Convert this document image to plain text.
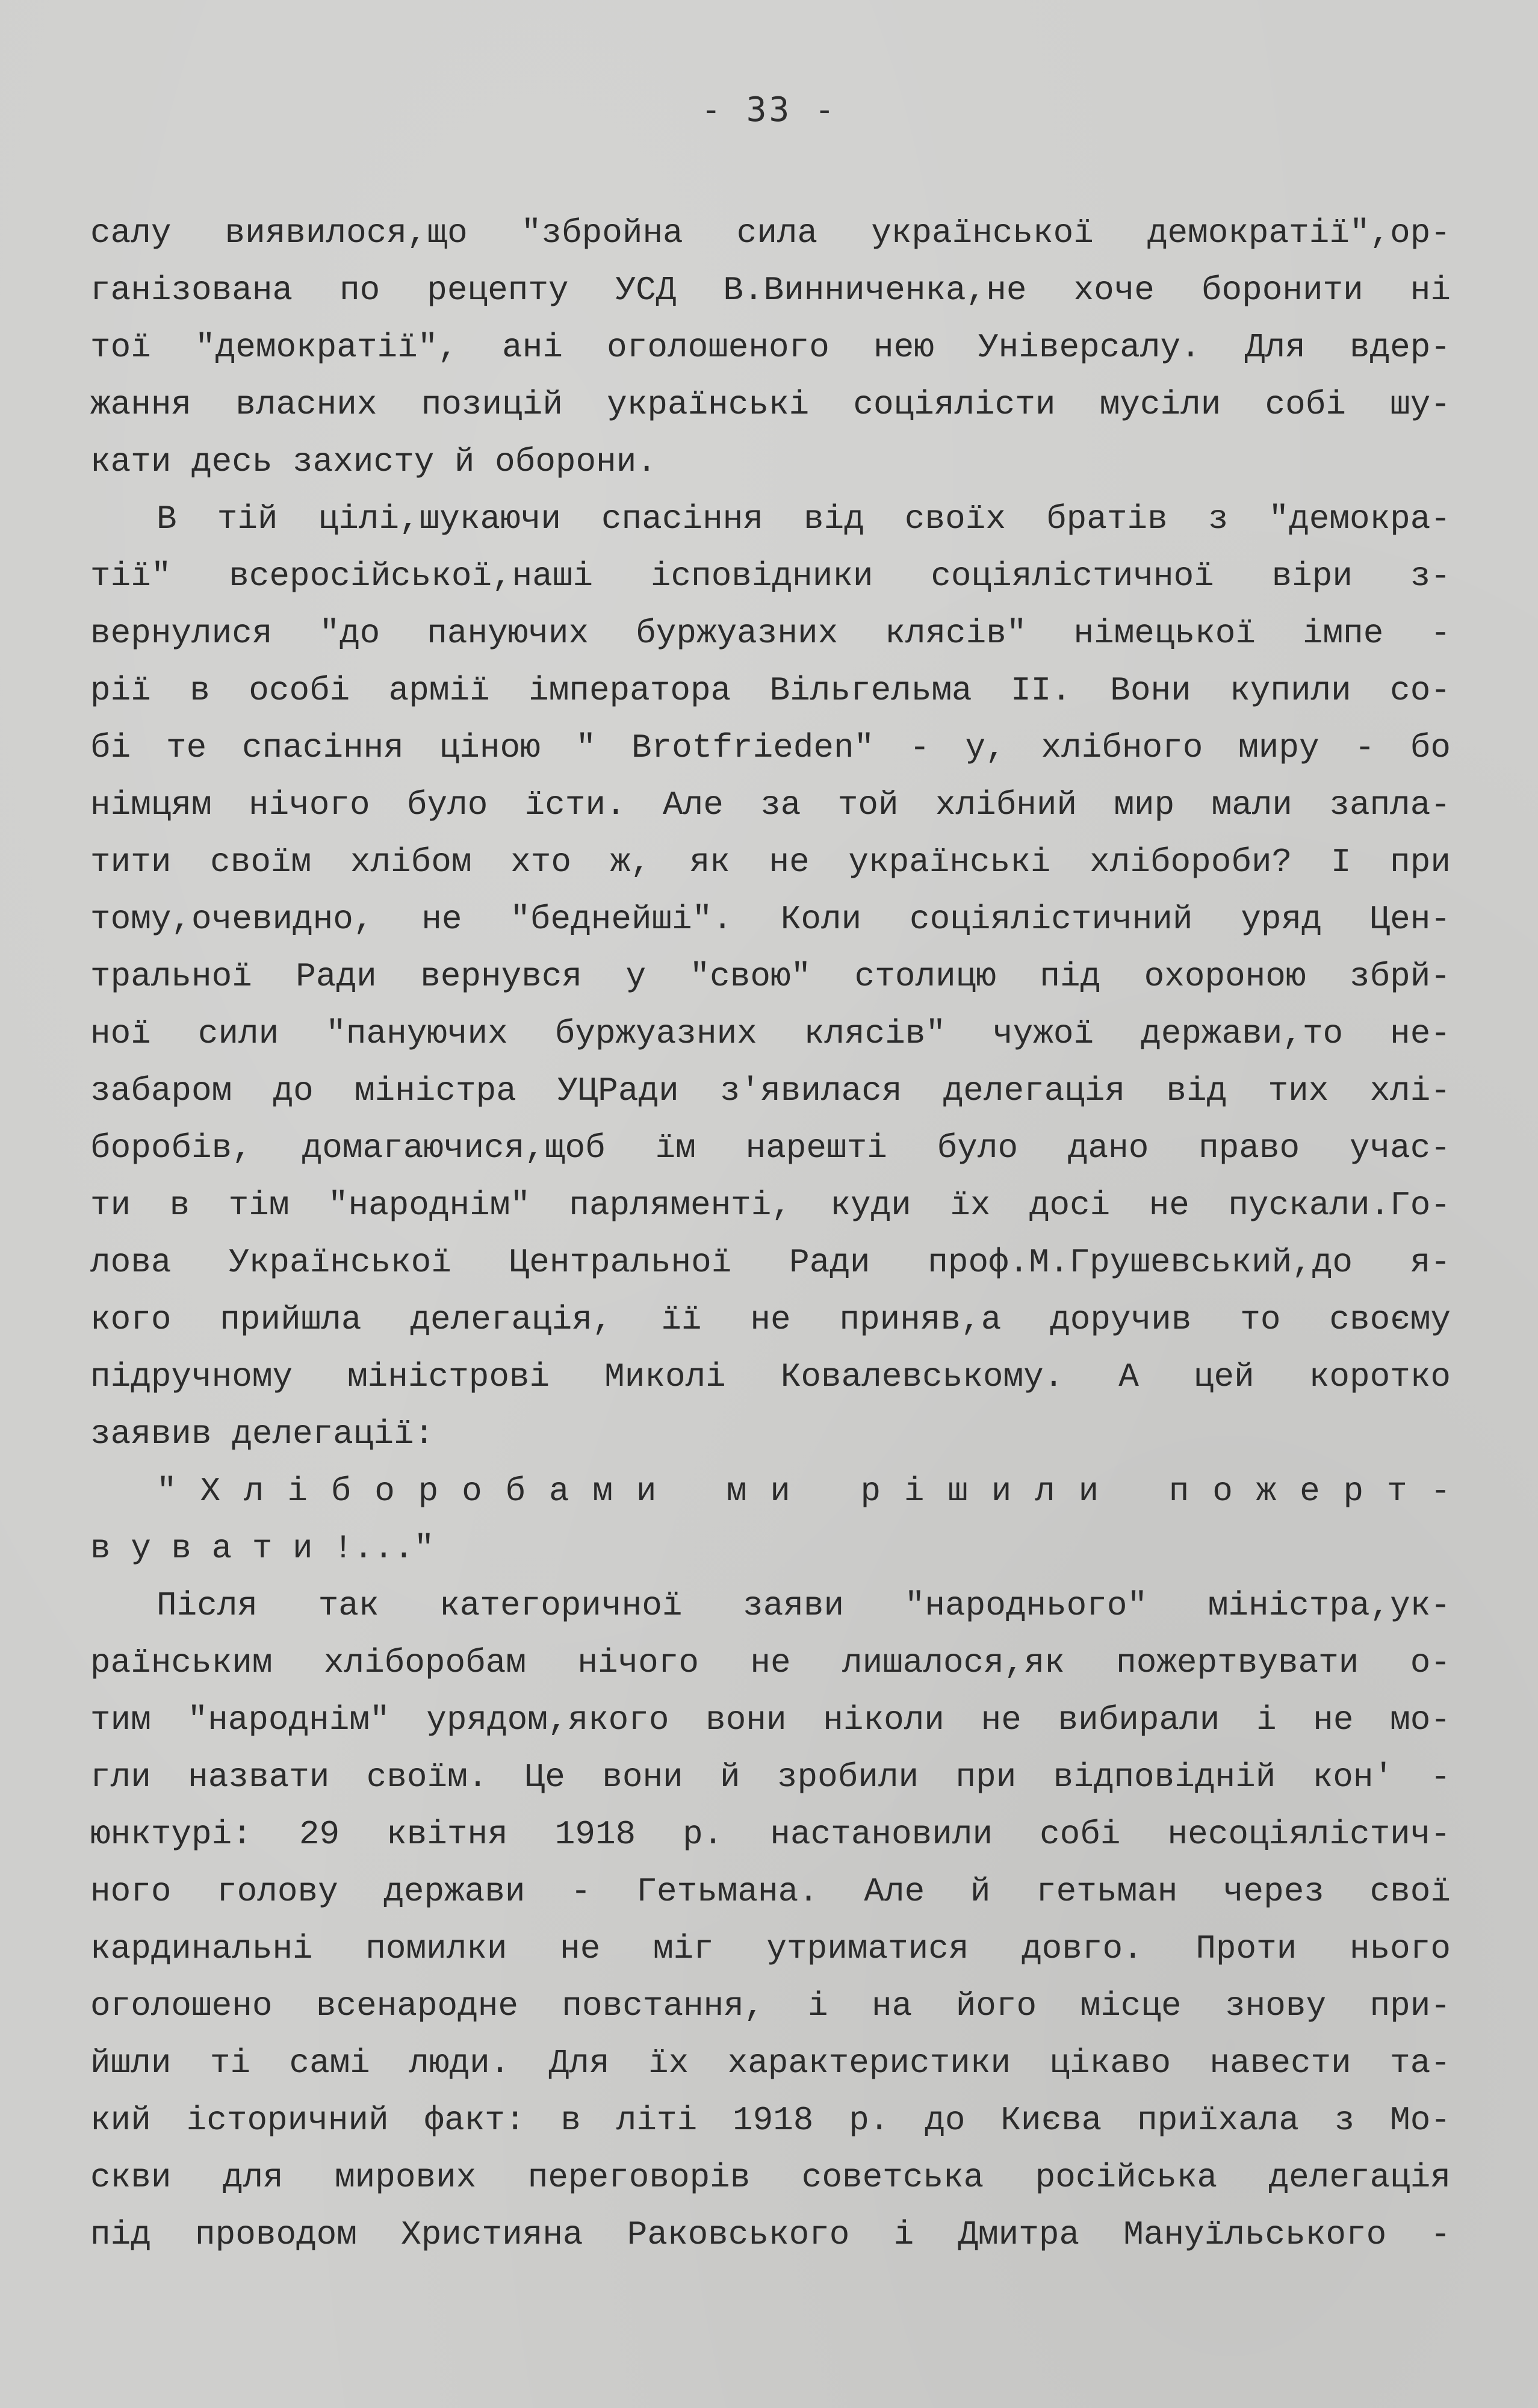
- 33 -
салу виявилося,що "збройна сила української демократії",ор-
ганізована по рецепту УСД В.Винниченка,не хоче боронити ні
тої "демократії", ані оголошеного нею Універсалу. Для вдер-
жання власних позицій українські соціялісти мусіли собі шу-
кати десь захисту й оборони.
В тій цілі,шукаючи спасіння від своїх братів з "демокра-
тії" всеросійської,наші ісповідники соціялістичної віри з-
вернулися "до пануючих буржуазних клясів" німецької імпе -
рії в особі армії імператора Вільгельма II. Вони купили со-
бі те спасіння ціною " Brotfrieden" - у, хлібного миру - бо
німцям нічого було їсти. Але за той хлібний мир мали запла-
тити своїм хлібом хто ж, як не українські хлібороби? І при
тому,очевидно, не "беднейші". Коли соціялістичний уряд Цен-
тральної Ради вернувся у "свою" столицю під охороною збрй-
ної сили "пануючих буржуазних клясів" чужої держави,то не-
забаром до міністра УЦРади з'явилася делегація від тих хлі-
боробів, домагаючися,щоб їм нарешті було дано право учас-
ти в тім "народнім" парляменті, куди їх досі не пускали.Го-
лова Української Центральної Ради проф.М.Грушевський,до я-
кого прийшла делегація, її не приняв,а доручив то своєму
підручному міністрові Миколі Ковалевському. А цей коротко
заявив делегації:
" Х л і б о р о б а м и   м и   р і ш и л и   п о ж е р т -
в у в а т и !..."
Після так категоричної заяви "народнього" міністра,ук-
раїнським хліборобам нічого не лишалося,як пожертвувати о-
тим "народнім" урядом,якого вони ніколи не вибирали і не мо-
гли назвати своїм. Це вони й зробили при відповідній кон' -
юнктурі: 29 квітня 1918 р. настановили собі несоціялістич-
ного голову держави - Гетьмана. Але й гетьман через свої
кардинальні помилки не міг утриматися довго. Проти нього
оголошено всенародне повстання, і на його місце знову при-
йшли ті самі люди. Для їх характеристики цікаво навести та-
кий історичний факт: в літі 1918 р. до Києва приїхала з Мо-
скви для мирових переговорів советська російська делегація
під проводом Християна Раковського і Дмитра Мануїльського -
